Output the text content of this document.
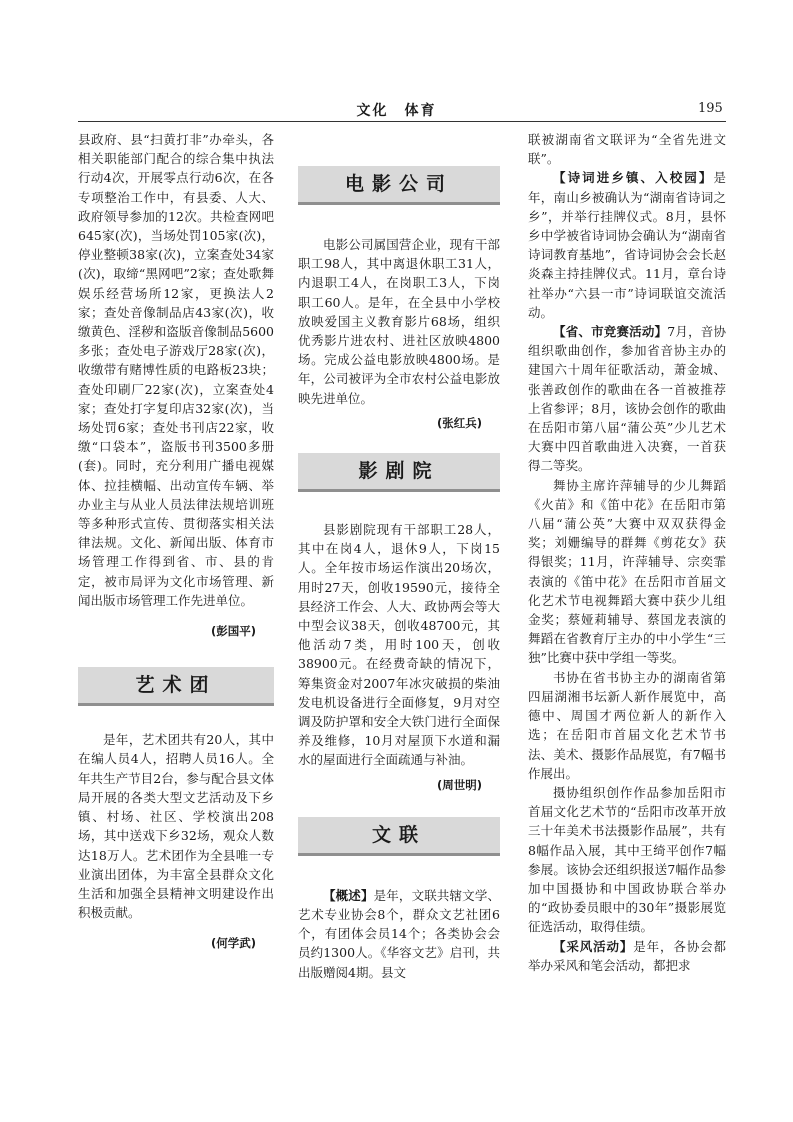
文化　体育	195

县政府、县“扫黄打非”办牵头，各相关职能部门配合的综合集中执法行动4次，开展零点行动6次，在各专项整治工作中，有县委、人大、政府领导参加的12次。共检查网吧645家(次)，当场处罚105家(次)，停业整顿38家(次)，立案查处34家(次)，取缔“黑网吧”2家；查处歌舞娱乐经营场所12家，更换法人2家；查处音像制品店43家(次)，收缴黄色、淫秽和盗版音像制品5600多张；查处电子游戏厅28家(次)，收缴带有赌博性质的电路板23块；查处印刷厂22家(次)，立案查处4家；查处打字复印店32家(次)，当场处罚6家；查处书刊店22家，收缴“口袋本”，盗版书刊3500多册(套)。同时，充分利用广播电视媒体、拉挂横幅、出动宣传车辆、举办业主与从业人员法律法规培训班等多种形式宣传、贯彻落实相关法律法规。文化、新闻出版、体育市场管理工作得到省、市、县的肯定，被市局评为文化市场管理、新闻出版市场管理工作先进单位。

(彭国平)
艺术团

是年，艺术团共有20人，其中在编人员4人，招聘人员16人。全年共生产节目2台，参与配合县文体局开展的各类大型文艺活动及下乡镇、村场、社区、学校演出208场，其中送戏下乡32场，观众人数达18万人。艺术团作为全县唯一专业演出团体，为丰富全县群众文化生活和加强全县精神文明建设作出积极贡献。

(何学武)
电影公司

电影公司属国营企业，现有干部职工98人，其中离退休职工31人，内退职工4人，在岗职工3人，下岗职工60人。是年，在全县中小学校放映爱国主义教育影片68场，组织优秀影片进农村、进社区放映4800场。完成公益电影放映4800场。是年，公司被评为全市农村公益电影放映先进单位。

(张红兵)
影剧院

县影剧院现有干部职工28人，其中在岗4人，退休9人，下岗15人。全年按市场运作演出20场次，用时27天，创收19590元，接待全县经济工作会、人大、政协两会等大中型会议38天，创收48700元，其他活动7类，用时100天，创收38900元。在经费奇缺的情况下，筹集资金对2007年冰灾破损的柴油发电机设备进行全面修复，9月对空调及防护罩和安全大铁门进行全面保养及维修，10月对屋顶下水道和漏水的屋面进行全面疏通与补油。

(周世明)
文联

【概述】是年，文联共辖文学、艺术专业协会8个，群众文艺社团6个，有团体会员14个；各类协会会员约1300人。《华容文艺》启刊，共出版赠阅4期。县文

联被湖南省文联评为“全省先进文联”。

【诗词进乡镇、入校园】是年，南山乡被确认为“湖南省诗词之乡”，并举行挂牌仪式。8月，县怀乡中学被省诗词协会确认为“湖南省诗词教育基地”，省诗词协会会长赵炎森主持挂牌仪式。11月，章台诗社举办“六县一市”诗词联谊交流活动。

【省、市竞赛活动】7月，音协组织歌曲创作，参加省音协主办的建国六十周年征歌活动，萧金城、张善政创作的歌曲在各一首被推荐上省参评；8月，该协会创作的歌曲在岳阳市第八届“蒲公英”少儿艺术大赛中四首歌曲进入决赛，一首获得二等奖。

舞协主席许萍辅导的少儿舞蹈《火苗》和《笛中花》在岳阳市第八届“蒲公英”大赛中双双获得金奖；刘姗编导的群舞《剪花女》获得银奖；11月，许萍辅导、宗奕霏表演的《笛中花》在岳阳市首届文化艺术节电视舞蹈大赛中获少儿组金奖；蔡娅莉辅导、蔡国龙表演的舞蹈在省教育厅主办的中小学生“三独”比赛中获中学组一等奖。

书协在省书协主办的湖南省第四届湖湘书坛新人新作展览中，高德中、周国才两位新人的新作入选；在岳阳市首届文化艺术节书法、美术、摄影作品展览，有7幅书作展出。

摄协组织创作作品参加岳阳市首届文化艺术节的“岳阳市改革开放三十年美术书法摄影作品展”，共有8幅作品入展，其中王绮平创作7幅参展。该协会还组织报送7幅作品参加中国摄协和中国政协联合举办的“政协委员眼中的30年”摄影展览征选活动，取得佳绩。

【采风活动】是年，各协会都举办采风和笔会活动，都把求
